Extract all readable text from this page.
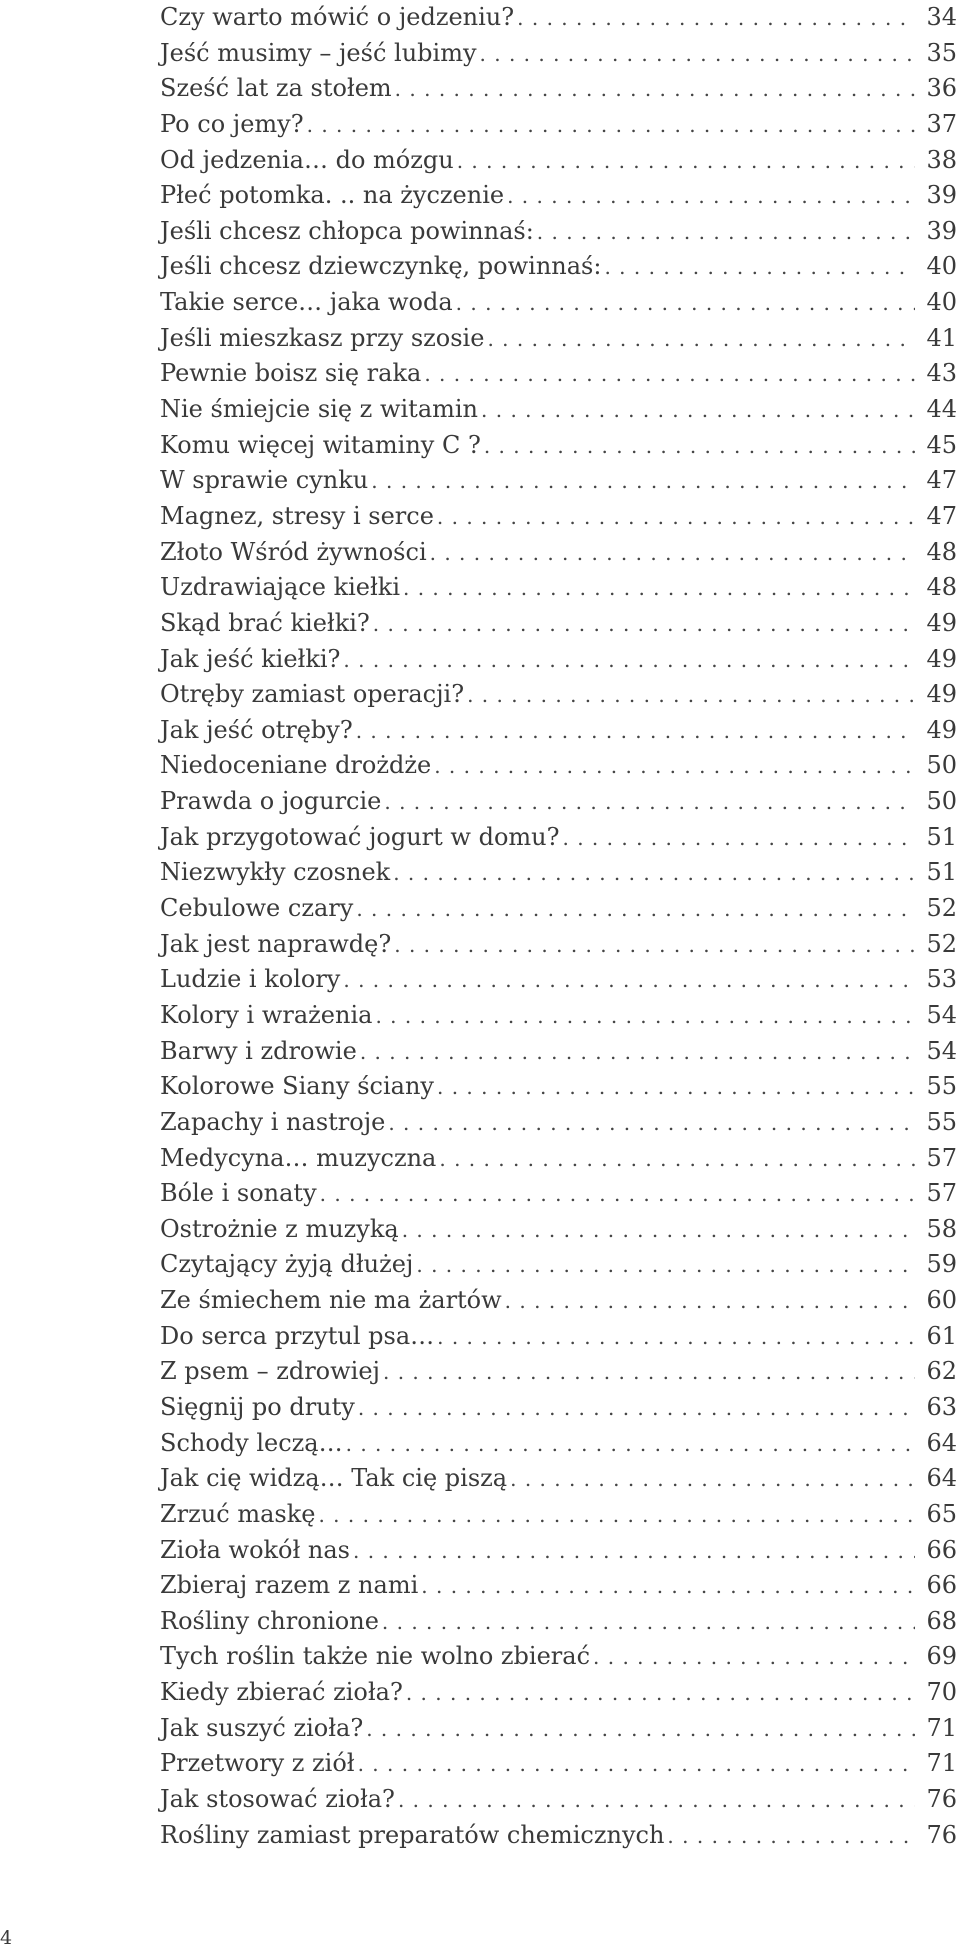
Czy warto mówić o jedzeniu? . . .	34
Jeść musimy – jeść lubimy . . .	35
Sześć lat za stołem . . .	36
Po co jemy? . . .	37
Od jedzenia… do mózgu . . .	38
Płeć potomka. .. na życzenie . . .	39
Jeśli chcesz chłopca powinnaś: . . .	39
Jeśli chcesz dziewczynkę, powinnaś: . . .	40
Takie serce… jaka woda . . .	40
Jeśli mieszkasz przy szosie . . .	41
Pewnie boisz się raka . . .	43
Nie śmiejcie się z witamin . . .	44
Komu więcej witaminy C ? . . .	45
W sprawie cynku . . .	47
Magnez, stresy i serce . . .	47
Złoto Wśród żywności . . .	48
Uzdrawiające kiełki . . .	48
Skąd brać kiełki? . . .	49
Jak jeść kiełki? . . .	49
Otręby zamiast operacji? . . .	49
Jak jeść otręby? . . .	49
Niedoceniane drożdże . . .	50
Prawda o jogurcie . . .	50
Jak przygotować jogurt w domu? . . .	51
Niezwykły czosnek . . .	51
Cebulowe czary . . .	52
Jak jest naprawdę? . . .	52
Ludzie i kolory . . .	53
Kolory i wrażenia . . .	54
Barwy i zdrowie . . .	54
Kolorowe Siany ściany . . .	55
Zapachy i nastroje . . .	55
Medycyna… muzyczna . . .	57
Bóle i sonaty . . .	57
Ostrożnie z muzyką . . .	58
Czytający żyją dłużej . . .	59
Ze śmiechem nie ma żartów . . .	60
Do serca przytul psa… . . .	61
Z psem – zdrowiej . . .	62
Sięgnij po druty . . .	63
Schody leczą… . . .	64
Jak cię widzą… Tak cię piszą . . .	64
Zrzuć maskę . . .	65
Zioła wokół nas . . .	66
Zbieraj razem z nami . . .	66
Rośliny chronione . . .	68
Tych roślin także nie wolno zbierać . . .	69
Kiedy zbierać zioła? . . .	70
Jak suszyć zioła? . . .	71
Przetwory z ziół . . .	71
Jak stosować zioła? . . .	76
Rośliny zamiast preparatów chemicznych . . .	76
4
